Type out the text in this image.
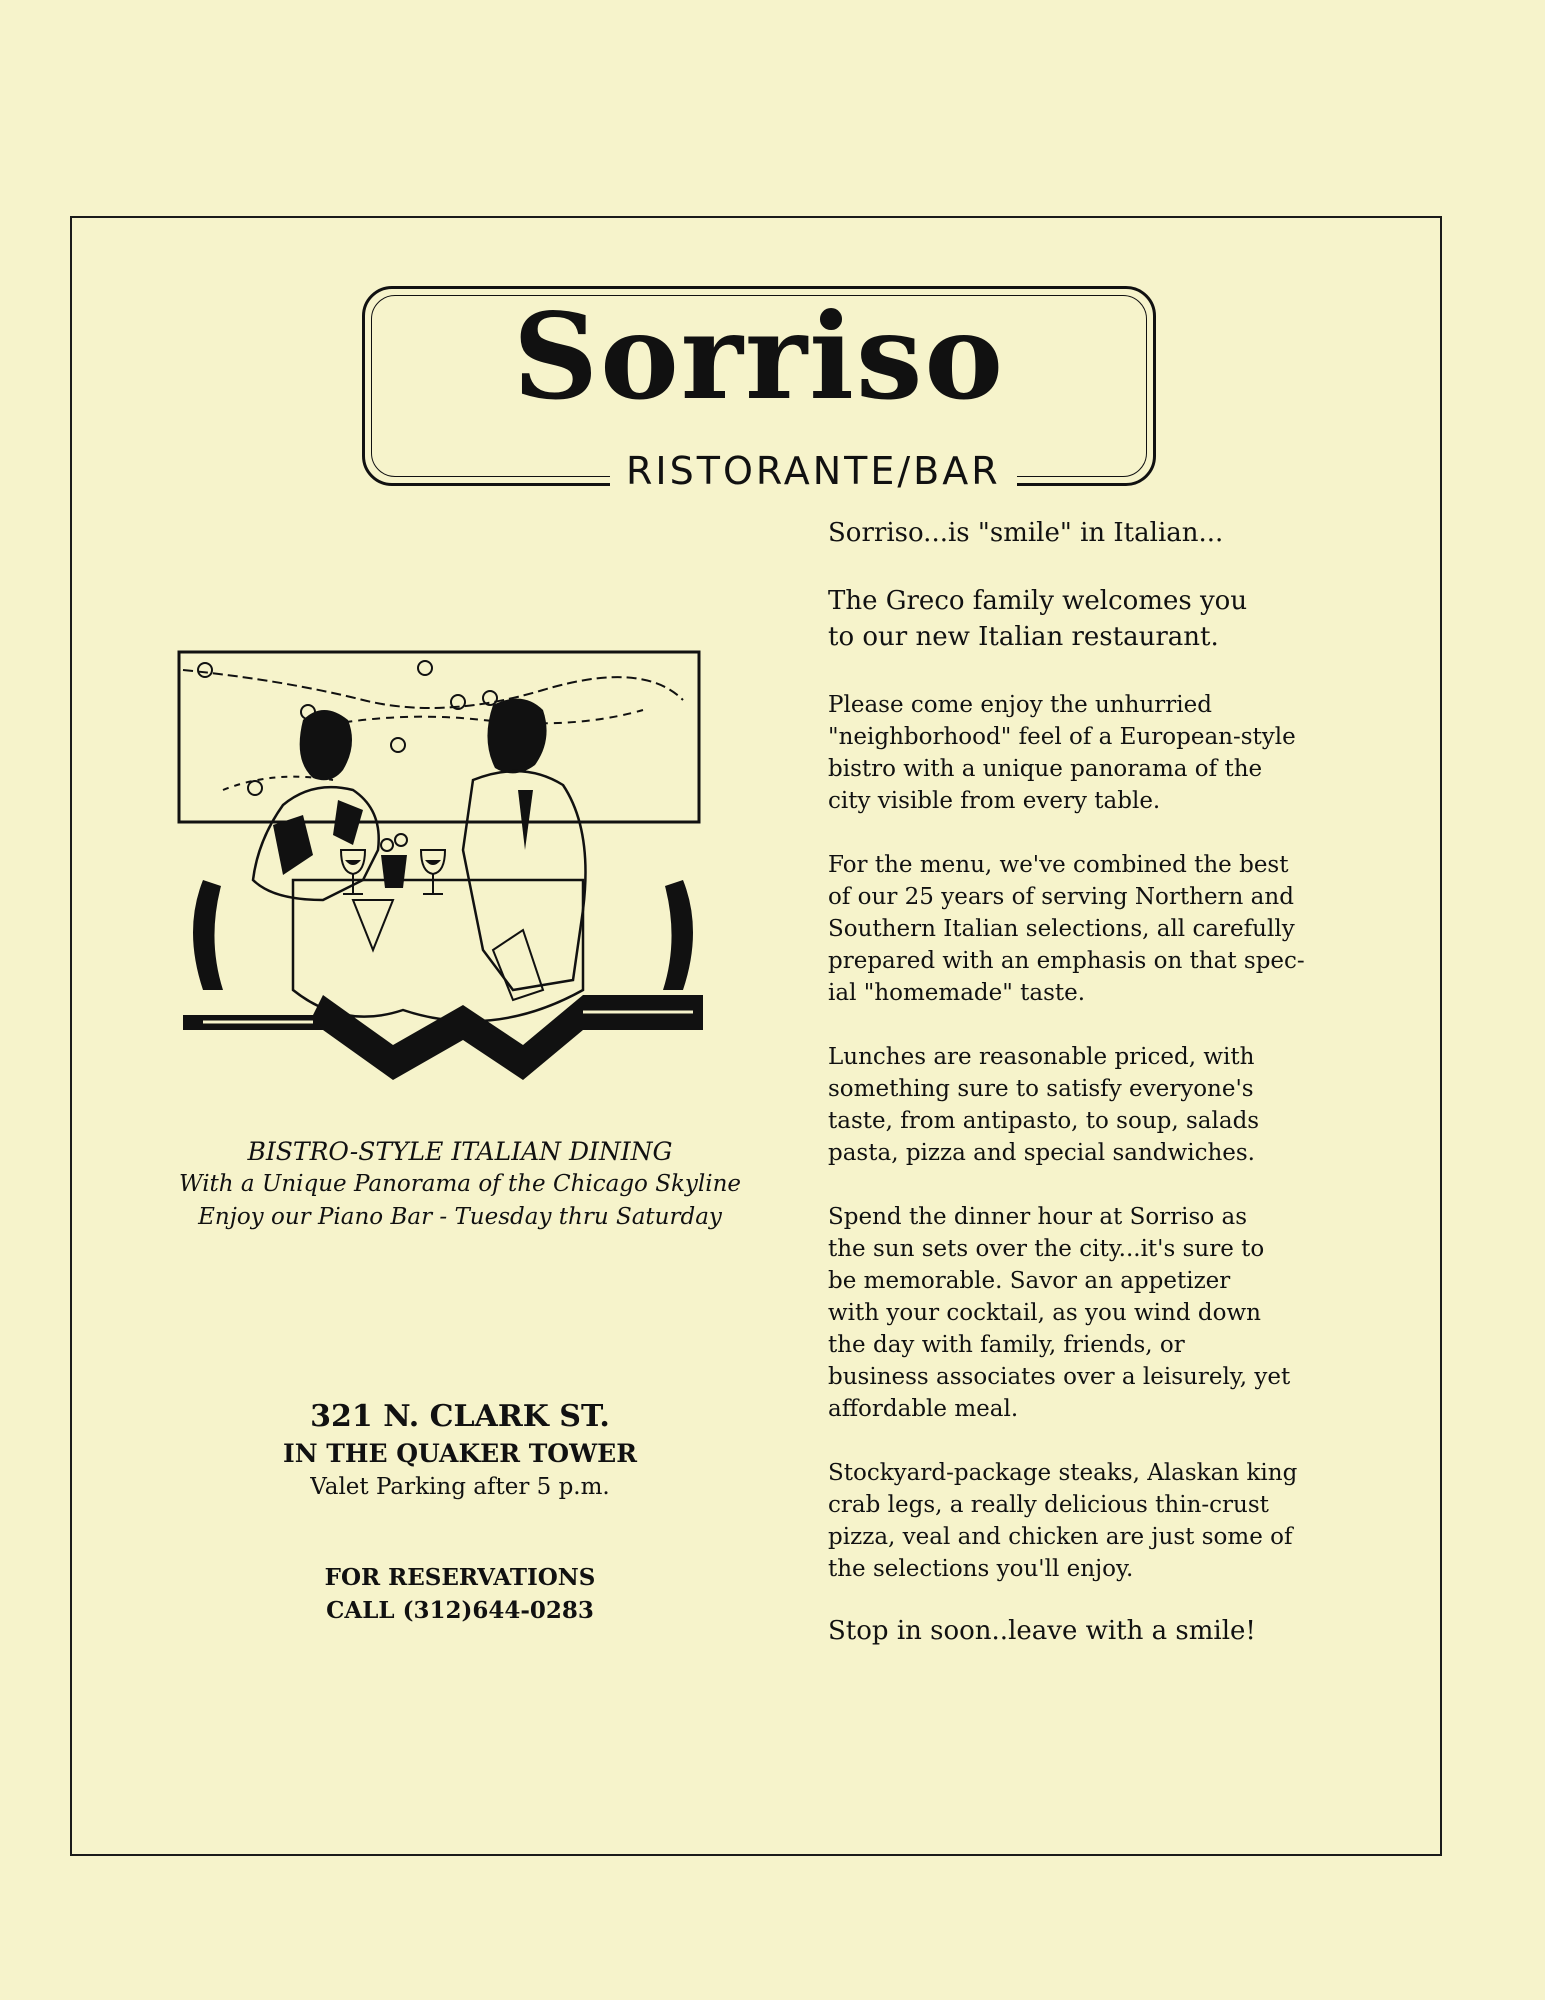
Sorriso
RISTORANTE/BAR
BISTRO-STYLE ITALIAN DINING
With a Unique Panorama of the Chicago Skyline
Enjoy our Piano Bar - Tuesday thru Saturday
321 N. CLARK ST.
IN THE QUAKER TOWER
Valet Parking after 5 p.m.
FOR RESERVATIONS
CALL (312)644-0283

Sorriso...is "smile" in Italian...

The Greco family welcomes you
to our new Italian restaurant.

Please come enjoy the unhurried
"neighborhood" feel of a European-style
bistro with a unique panorama of the
city visible from every table.

For the menu, we've combined the best
of our 25 years of serving Northern and
Southern Italian selections, all carefully
prepared with an emphasis on that spec-
ial "homemade" taste.

Lunches are reasonable priced, with
something sure to satisfy everyone's
taste, from antipasto, to soup, salads
pasta, pizza and special sandwiches.

Spend the dinner hour at Sorriso as
the sun sets over the city...it's sure to
be memorable. Savor an appetizer
with your cocktail, as you wind down
the day with family, friends, or
business associates over a leisurely, yet
affordable meal.

Stockyard-package steaks, Alaskan king
crab legs, a really delicious thin-crust
pizza, veal and chicken are just some of
the selections you'll enjoy.

Stop in soon..leave with a smile!
